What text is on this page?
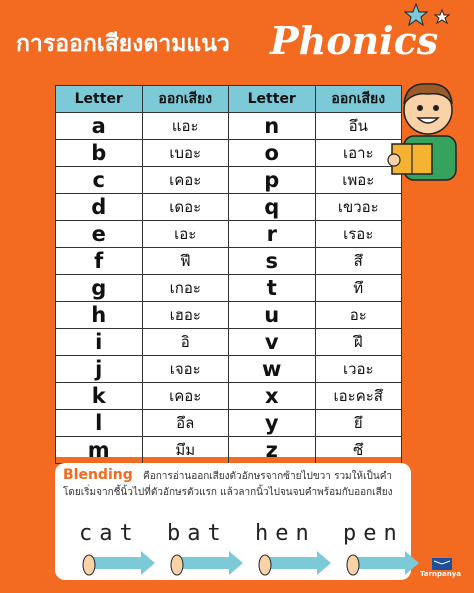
การออกเสียงตามแนว Phonics
Letter	ออกเสียง	Letter	ออกเสียง
a	แอะ	n	อึน
b	เบอะ	o	เอาะ
c	เคอะ	p	เพอะ
d	เดอะ	q	เขวอะ
e	เอะ	r	เรอะ
f	ฟึ	s	สึ
g	เกอะ	t	ทึ
h	เฮอะ	u	อะ
i	อิ	v	ฝึ
j	เจอะ	w	เวอะ
k	เคอะ	x	เอะคะสึ
l	อึล	y	ยึ
m	มึม	z	ซึ
Blending คือการอ่านออกเสียงตัวอักษรจากซ้ายไปขวา รวมให้เป็นคำ
โดยเริ่มจากชี้นิ้วไปที่ตัวอักษรตัวแรก แล้วลากนิ้วไปจนจบคำพร้อมกับออกเสียง
cat bat hen pen
Tarnpanya
